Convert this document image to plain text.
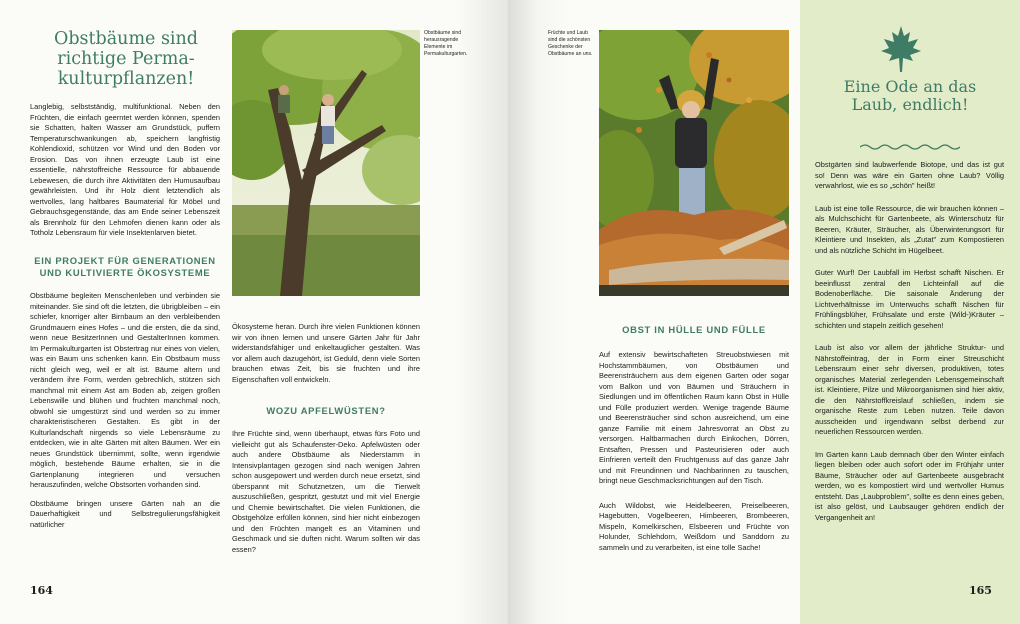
Obstbäume sind richtige Permakulturpflanzen!

Langlebig, selbstständig, multifunktional. Neben den Früchten, die einfach geerntet werden können, spenden sie Schatten, halten Wasser am Grundstück, puffern Temperaturschwankungen ab, speichern langfristig Kohlendioxid, schützen vor Wind und den Boden vor Erosion. Das von ihnen erzeugte Laub ist eine essentielle, nährstoffreiche Ressource für abbauende Lebewesen, die durch ihre Aktivitäten den Humusaufbau gewährleisten. Und ihr Holz dient letztendlich als wertvolles, lang haltbares Baumaterial für Möbel und Gebrauchsgegenstände, das am Ende seiner Lebenszeit als Brennholz für den Lehmofen dienen kann oder als Totholz Lebensraum für viele Insektenlarven bietet.

EIN PROJEKT FÜR GENERATIONEN UND KULTIVIERTE ÖKOSYSTEME

Obstbäume begleiten Menschenleben und verbinden sie miteinander. Sie sind oft die letzten, die übrigbleiben – ein schiefer, knorriger alter Birnbaum an den verbleibenden Grundmauern eines Hofes – und die ersten, die da sind, wenn neue BesitzerInnen und GestalterInnen kommen. Im Permakulturgarten ist Obstertrag nur eines von vielen, was ein Baum uns schenken kann. Ein Obstbaum muss nicht gleich weg, weil er alt ist. Bäume altern und verändern ihre Form, werden gebrechlich, stützen sich manchmal mit einem Ast am Boden ab, zeigen großen Lebenswille und blühen und fruchten manchmal noch, obwohl sie umgestürzt sind und werden so zu immer charakteristischeren Gestalten. Es gibt in der Kulturlandschaft nirgends so viele Lebensräume zu entdecken, wie in alte Gärten mit alten Bäumen. Wer ein neues Grundstück übernimmt, sollte, wenn irgendwie möglich, bestehende Bäume erhalten, sie in die Gartenplanung integrieren und versuchen herauszufinden, welche Obstsorten vorhanden sind.

Obstbäume bringen unsere Gärten nah an die Dauerhaftigkeit und Selbstregulierungsfähigkeit natürlicher

Obstbäume sind herausragende Elemente im Permakulturgarten.

Ökosysteme heran. Durch ihre vielen Funktionen können wir von ihnen lernen und unsere Gärten Jahr für Jahr widerstandsfähiger und enkeltauglicher gestalten. Was vor allem auch dazugehört, ist Geduld, denn viele Sorten brauchen etwas Zeit, bis sie fruchten und ihre Eigenschaften voll entwickeln.

WOZU APFELWÜSTEN?

Ihre Früchte sind, wenn überhaupt, etwas fürs Foto und vielleicht gut als Schaufenster-Deko. Apfelwüsten oder auch andere Obstbäume als Niederstamm in Intensivplantagen gezogen sind nach wenigen Jahren schon ausgepowert und werden durch neue ersetzt, sind überspannt mit Schutznetzen, um die Tierwelt auszuschließen, gespritzt, gestutzt und mit viel Energie und Chemie bewirtschaftet. Die vielen Funktionen, die Obstgehölze erfüllen können, sind hier nicht einbezogen und den Früchten mangelt es an Vitaminen und Geschmack und sie duften nicht. Warum sollten wir das essen?

164

Früchte und Laub sind die schönsten Geschenke der Obstbäume an uns.

OBST IN HÜLLE UND FÜLLE

Auf extensiv bewirtschafteten Streuobstwiesen mit Hochstammbäumen, von Obstbäumen und Beerensträuchern aus dem eigenen Garten oder sogar vom Balkon und von Bäumen und Sträuchern in Siedlungen und im öffentlichen Raum kann Obst in Hülle und Fülle produziert werden. Wenige tragende Bäume und Beerensträucher sind schon ausreichend, um eine ganze Familie mit einem Jahresvorrat an Obst zu versorgen. Haltbarmachen durch Einkochen, Dörren, Entsaften, Pressen und Pasteurisieren oder auch Einfrieren verteilt den Fruchtgenuss auf das ganze Jahr und mit Freundinnen und Nachbarinnen zu tauschen, bringt neue Geschmacksrichtungen auf den Tisch.

Auch Wildobst, wie Heidelbeeren, Preiselbeeren, Hagebutten, Vogelbeeren, Himbeeren, Brombeeren, Mispeln, Kornelkirschen, Elsbeeren und Früchte von Holunder, Schlehdorn, Weißdorn und Sanddorn zu sammeln und zu verarbeiten, ist eine tolle Sache!

Eine Ode an das Laub, endlich!

Obstgärten sind laubwerfende Biotope, und das ist gut so! Denn was wäre ein Garten ohne Laub? Völlig verwahrlost, wie es so „schön" heißt!

Laub ist eine tolle Ressource, die wir brauchen können – als Mulchschicht für Gartenbeete, als Winterschutz für Beeren, Kräuter, Sträucher, als Überwinterungsort für Kleintiere und Insekten, als „Zutat" zum Kompostieren und als nützliche Schicht im Hügelbeet.

Guter Wurf! Der Laubfall im Herbst schafft Nischen. Er beeinflusst zentral den Lichteinfall auf die Bodenoberfläche. Die saisonale Änderung der Lichtverhältnisse im Unterwuchs schafft Nischen für Frühlingsblüher, Frühsalate und erste (Wild-)Kräuter – schichten und stapeln zeitlich gesehen!

Laub ist also vor allem der jährliche Struktur- und Nährstoffeintrag, der in Form einer Streuschicht Lebensraum einer sehr diversen, produktiven, totes organisches Material zerlegenden Lebensgemeinschaft ist. Kleintiere, Pilze und Mikroorganismen sind hier aktiv, die den Nährstoffkreislauf schließen, indem sie organische Reste zum Leben nutzen. Teile davon ausscheiden und irgendwann selbst derbend zur neuerlichen Ressourcen werden.

Im Garten kann Laub demnach über den Winter einfach liegen bleiben oder auch sofort oder im Frühjahr unter Bäume, Sträucher oder auf Gartenbeete ausgebracht werden, wo es kompostiert wird und wertvoller Humus entsteht. Das „Laubproblem", sollte es denn eines geben, ist also gelöst, und Laubsauger gehören endlich der Vergangenheit an!

165
